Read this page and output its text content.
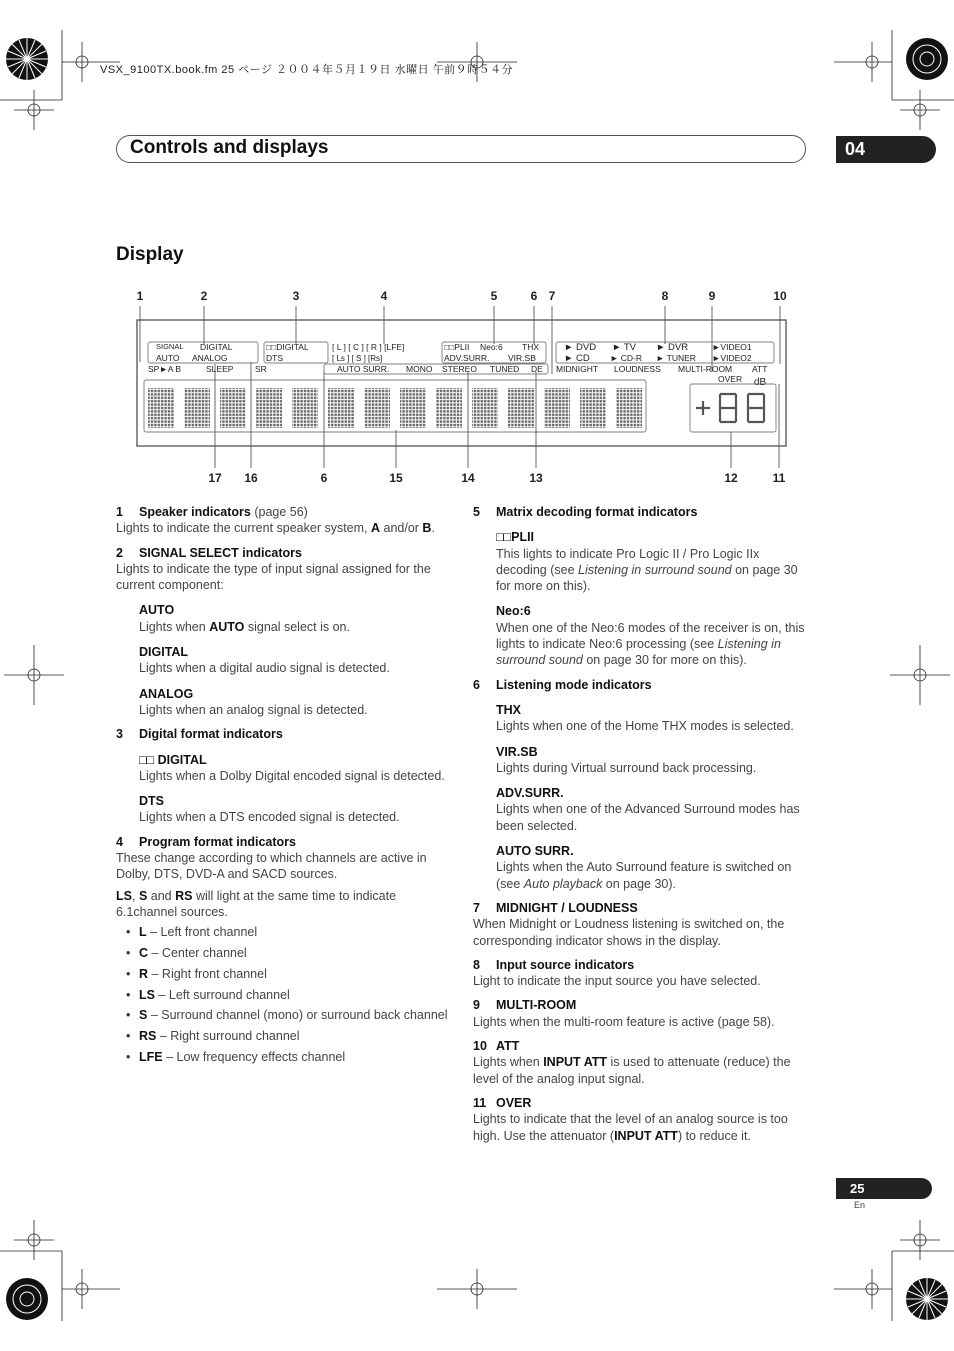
VSX_9100TX.book.fm 25 ページ ２００４年５月１９日 水曜日 午前９時５４分
Controls and displays	04
Display
1	2	3	4	5	6 7	8	9	10
17 16	6	15	14	13	12	11
SIGNAL DIGITAL
AUTO ANALOG
SP►A B	SLEEP	SR
□□DIGITAL
DTS
[ L ] [ C ] [ R ] [LFE]
[ Ls ] [ S ] [Rs]
□□PLII Neo:6 THX
ADV.SURR. VIR.SB
AUTO SURR. MONO STEREO TUNED DE
► DVD ► TV ► DVR	►VIDEO1
► CD ► CD-R ► TUNER ►VIDEO2
MIDNIGHT LOUDNESS MULTI-ROOM ATT
OVER dB

1 Speaker indicators (page 56)

Lights to indicate the current speaker system, A and/or B.

2 SIGNAL SELECT indicators

Lights to indicate the type of input signal assigned for the current component:

AUTO

Lights when AUTO signal select is on.

DIGITAL

Lights when a digital audio signal is detected.

ANALOG

Lights when an analog signal is detected.

3 Digital format indicators

□□ DIGITAL

Lights when a Dolby Digital encoded signal is detected.

DTS

Lights when a DTS encoded signal is detected.

4 Program format indicators

These change according to which channels are active in Dolby, DTS, DVD-A and SACD sources.

LS, S and RS will light at the same time to indicate 6.1channel sources.

• L – Left front channel

• C – Center channel

• R – Right front channel

• LS – Left surround channel

• S – Surround channel (mono) or surround back channel

• RS – Right surround channel

• LFE – Low frequency effects channel

5 Matrix decoding format indicators

□□PLII

This lights to indicate Pro Logic II / Pro Logic IIx decoding (see Listening in surround sound on page 30 for more on this).

Neo:6

When one of the Neo:6 modes of the receiver is on, this lights to indicate Neo:6 processing (see Listening in surround sound on page 30 for more on this).

6 Listening mode indicators

THX

Lights when one of the Home THX modes is selected.

VIR.SB

Lights during Virtual surround back processing.

ADV.SURR.

Lights when one of the Advanced Surround modes has been selected.

AUTO SURR.

Lights when the Auto Surround feature is switched on (see Auto playback on page 30).

7 MIDNIGHT / LOUDNESS

When Midnight or Loudness listening is switched on, the corresponding indicator shows in the display.

8 Input source indicators

Light to indicate the input source you have selected.

9 MULTI-ROOM

Lights when the multi-room feature is active (page 58).

10 ATT

Lights when INPUT ATT is used to attenuate (reduce) the level of the analog input signal.

11 OVER

Lights to indicate that the level of an analog source is too high. Use the attenuator (INPUT ATT) to reduce it.

25
En
